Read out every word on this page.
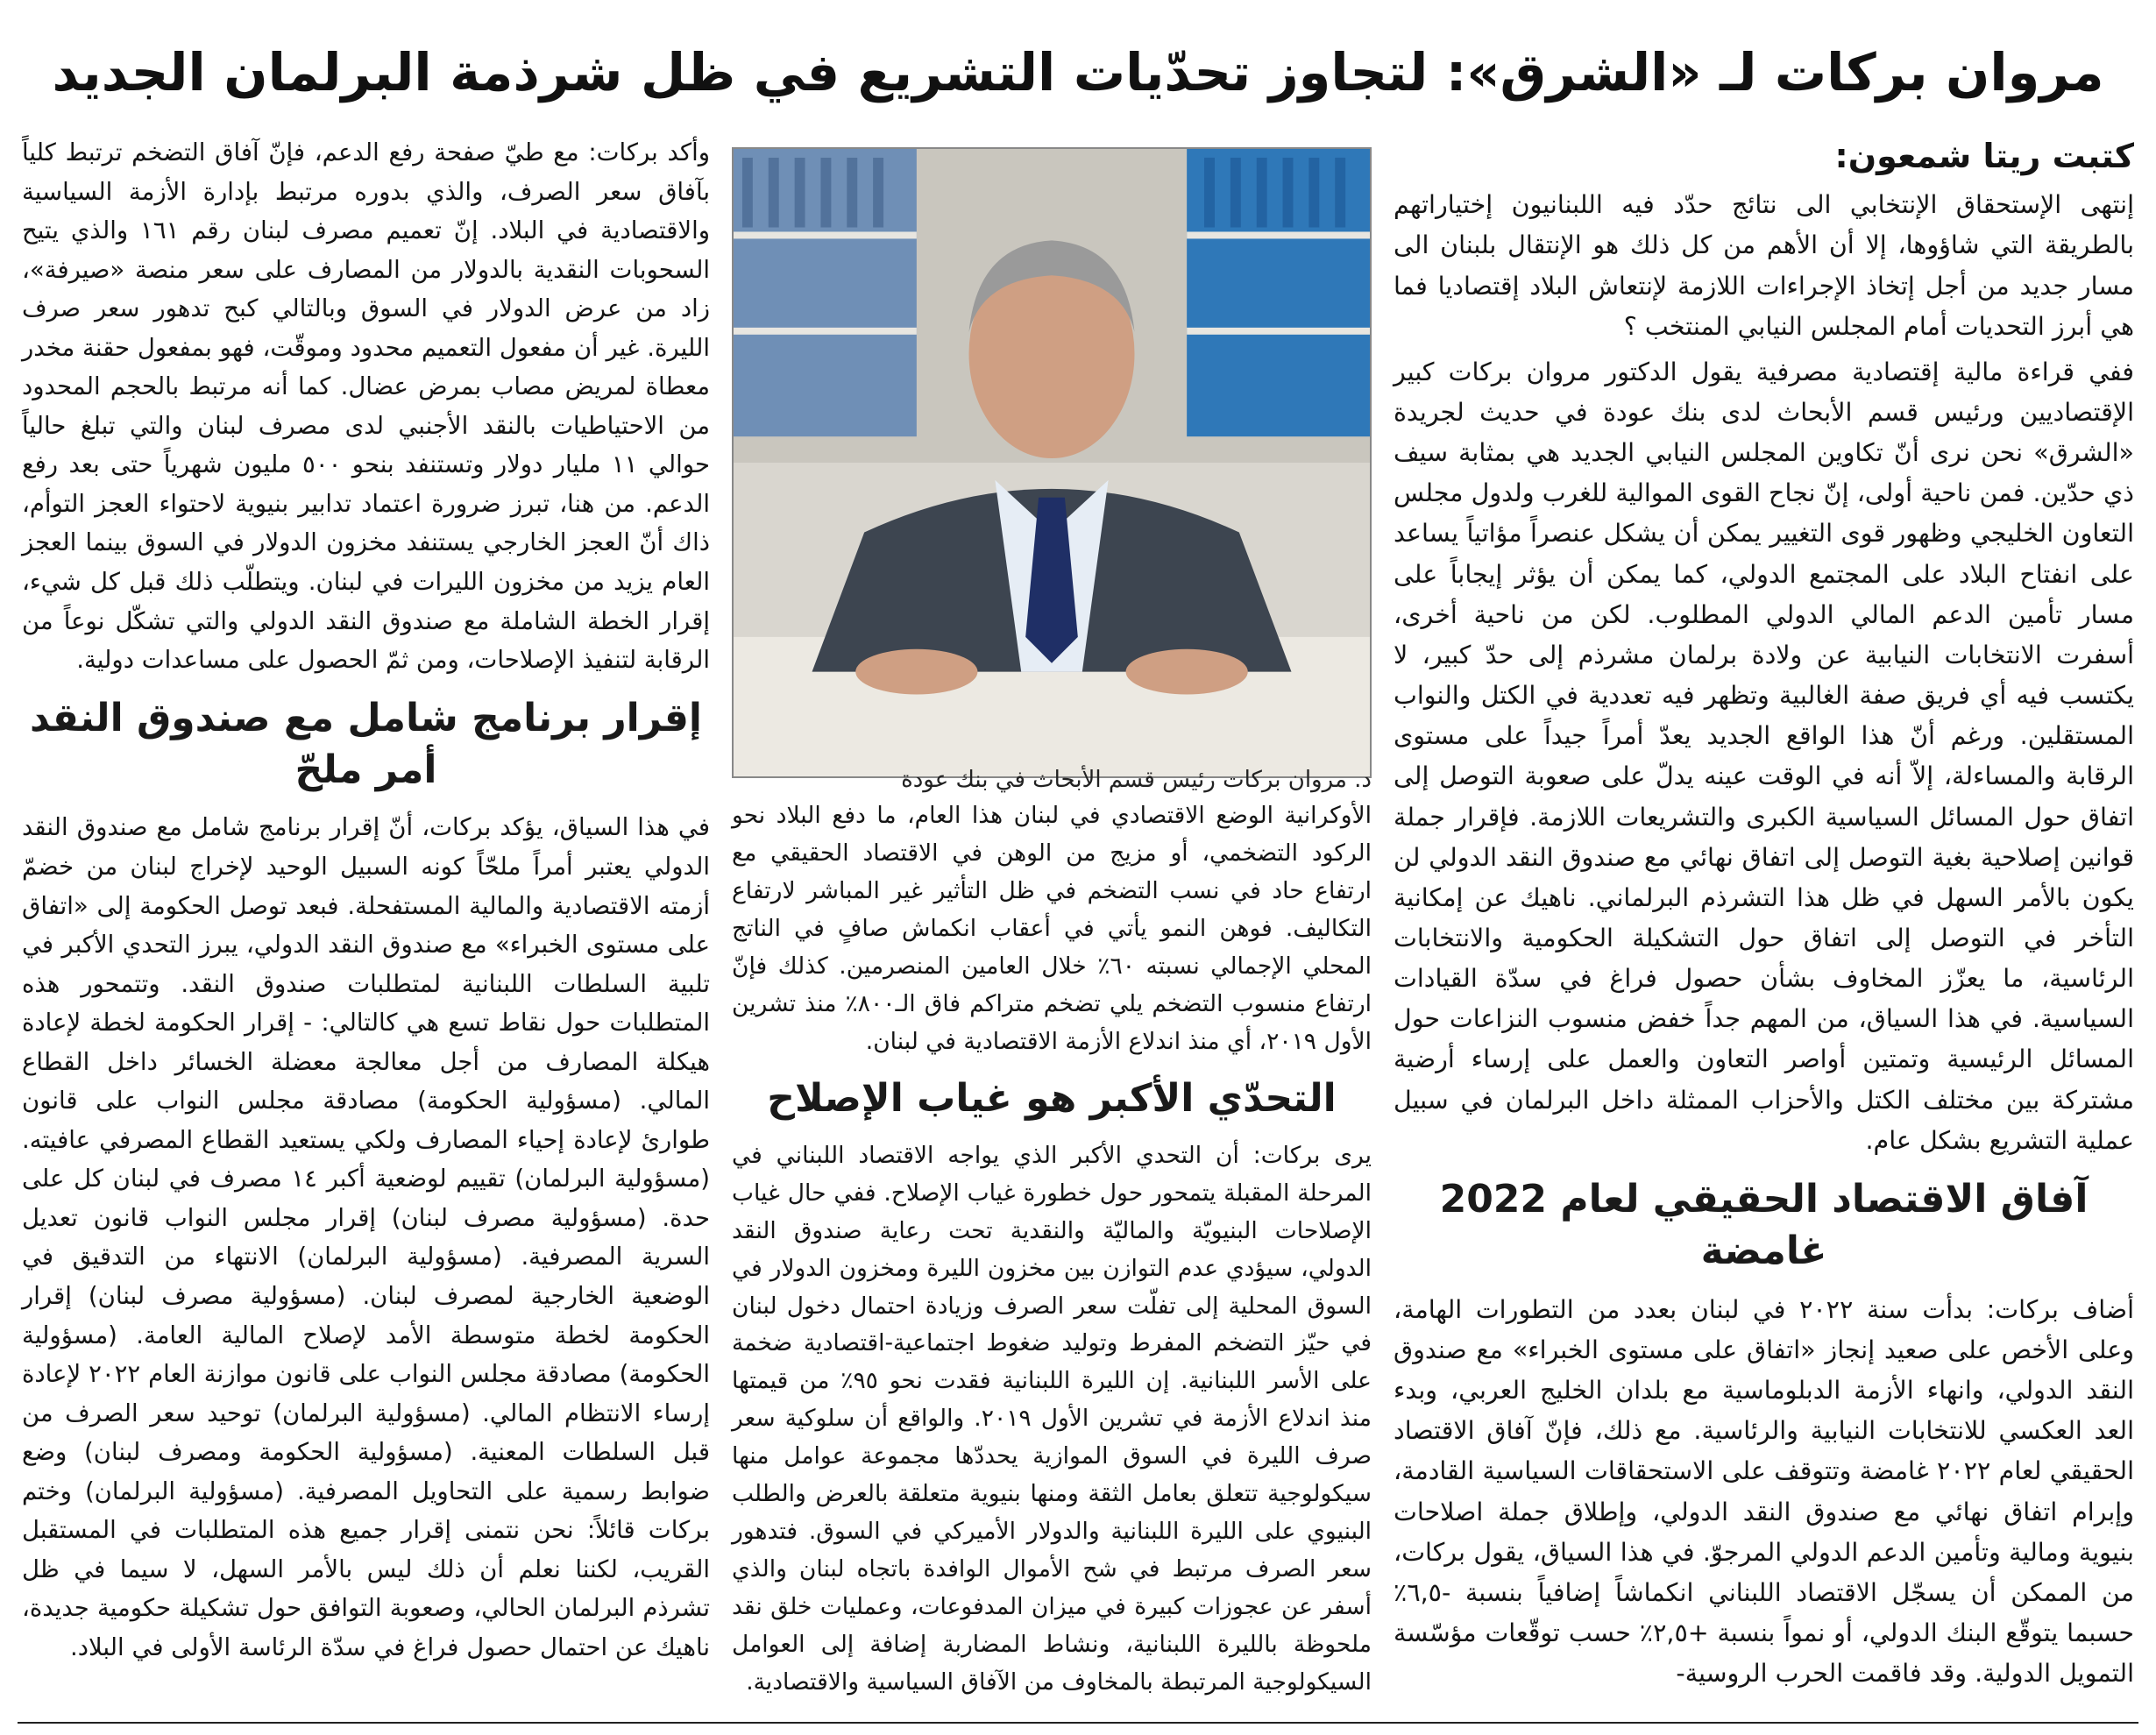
مروان بركات لـ «الشرق»: لتجاوز تحدّيات التشريع في ظل شرذمة البرلمان الجديد
كتبت ريتا شمعون:

إنتهى الإستحقاق الإنتخابي الى نتائج حدّد فيه اللبنانيون إختياراتهم بالطريقة التي شاؤوها، إلا أن الأهم من كل ذلك هو الإنتقال بلبنان الى مسار جديد من أجل إتخاذ الإجراءات اللازمة لإنتعاش البلاد إقتصاديا فما هي أبرز التحديات أمام المجلس النيابي المنتخب ؟

ففي قراءة مالية إقتصادية مصرفية يقول الدكتور مروان بركات كبير الإقتصاديين ورئيس قسم الأبحاث لدى بنك عودة في حديث لجريدة «الشرق» نحن نرى أنّ تكاوين المجلس النيابي الجديد هي بمثابة سيف ذي حدّين. فمن ناحية أولى، إنّ نجاح القوى الموالية للغرب ولدول مجلس التعاون الخليجي وظهور قوى التغيير يمكن أن يشكل عنصراً مؤاتياً يساعد على انفتاح البلاد على المجتمع الدولي، كما يمكن أن يؤثر إيجاباً على مسار تأمين الدعم المالي الدولي المطلوب. لكن من ناحية أخرى، أسفرت الانتخابات النيابية عن ولادة برلمان مشرذم إلى حدّ كبير، لا يكتسب فيه أي فريق صفة الغالبية وتظهر فيه تعددية في الكتل والنواب المستقلين. ورغم أنّ هذا الواقع الجديد يعدّ أمراً جيداً على مستوى الرقابة والمساءلة، إلاّ أنه في الوقت عينه يدلّ على صعوبة التوصل إلى اتفاق حول المسائل السياسية الكبرى والتشريعات اللازمة. فإقرار جملة قوانين إصلاحية بغية التوصل إلى اتفاق نهائي مع صندوق النقد الدولي لن يكون بالأمر السهل في ظل هذا التشرذم البرلماني. ناهيك عن إمكانية التأخر في التوصل إلى اتفاق حول التشكيلة الحكومية والانتخابات الرئاسية، ما يعزّز المخاوف بشأن حصول فراغ في سدّة القيادات السياسية. في هذا السياق، من المهم جداً خفض منسوب النزاعات حول المسائل الرئيسية وتمتين أواصر التعاون والعمل على إرساء أرضية مشتركة بين مختلف الكتل والأحزاب الممثلة داخل البرلمان في سبيل عملية التشريع بشكل عام.

آفاق الاقتصاد الحقيقي لعام 2022 غامضة

أضاف بركات: بدأت سنة ٢٠٢٢ في لبنان بعدد من التطورات الهامة، وعلى الأخص على صعيد إنجاز «اتفاق على مستوى الخبراء» مع صندوق النقد الدولي، وانهاء الأزمة الدبلوماسية مع بلدان الخليج العربي، وبدء العد العكسي للانتخابات النيابية والرئاسية. مع ذلك، فإنّ آفاق الاقتصاد الحقيقي لعام ٢٠٢٢ غامضة وتتوقف على الاستحقاقات السياسية القادمة، وإبرام اتفاق نهائي مع صندوق النقد الدولي، وإطلاق جملة اصلاحات بنيوية ومالية وتأمين الدعم الدولي المرجوّ. في هذا السياق، يقول بركات، من الممكن أن يسجّل الاقتصاد اللبناني انكماشاً إضافياً بنسبة ‎-٦,٥٪ حسبما يتوقّع البنك الدولي، أو نمواً بنسبة ‎+٢,٥٪ حسب توقّعات مؤسّسة التمويل الدولية. وقد فاقمت الحرب الروسية-

د. مروان بركات رئيس قسم الأبحاث في بنك عودة

الأوكرانية الوضع الاقتصادي في لبنان هذا العام، ما دفع البلاد نحو الركود التضخمي، أو مزيج من الوهن في الاقتصاد الحقيقي مع ارتفاع حاد في نسب التضخم في ظل التأثير غير المباشر لارتفاع التكاليف. فوهن النمو يأتي في أعقاب انكماش صافٍ في الناتج المحلي الإجمالي نسبته ٦٠٪ خلال العامين المنصرمين. كذلك فإنّ ارتفاع منسوب التضخم يلي تضخم متراكم فاق الـ٨٠٠٪ منذ تشرين الأول ٢٠١٩، أي منذ اندلاع الأزمة الاقتصادية في لبنان.

التحدّي الأكبر هو غياب الإصلاح

يرى بركات: أن التحدي الأكبر الذي يواجه الاقتصاد اللبناني في المرحلة المقبلة يتمحور حول خطورة غياب الإصلاح. ففي حال غياب الإصلاحات البنيويّة والماليّة والنقدية تحت رعاية صندوق النقد الدولي، سيؤدي عدم التوازن بين مخزون الليرة ومخزون الدولار في السوق المحلية إلى تفلّت سعر الصرف وزيادة احتمال دخول لبنان في حيّز التضخم المفرط وتوليد ضغوط اجتماعية-اقتصادية ضخمة على الأسر اللبنانية. إن الليرة اللبنانية فقدت نحو ٩٥٪ من قيمتها منذ اندلاع الأزمة في تشرين الأول ٢٠١٩. والواقع أن سلوكية سعر صرف الليرة في السوق الموازية يحددّها مجموعة عوامل منها سيكولوجية تتعلق بعامل الثقة ومنها بنيوية متعلقة بالعرض والطلب البنيوي على الليرة اللبنانية والدولار الأميركي في السوق. فتدهور سعر الصرف مرتبط في شح الأموال الوافدة باتجاه لبنان والذي أسفر عن عجوزات كبيرة في ميزان المدفوعات، وعمليات خلق نقد ملحوظة بالليرة اللبنانية، ونشاط المضاربة إضافة إلى العوامل السيكولوجية المرتبطة بالمخاوف من الآفاق السياسية والاقتصادية.

وأكد بركات: مع طيّ صفحة رفع الدعم، فإنّ آفاق التضخم ترتبط كلياً بآفاق سعر الصرف، والذي بدوره مرتبط بإدارة الأزمة السياسية والاقتصادية في البلاد. إنّ تعميم مصرف لبنان رقم ١٦١ والذي يتيح السحوبات النقدية بالدولار من المصارف على سعر منصة «صيرفة»، زاد من عرض الدولار في السوق وبالتالي كبح تدهور سعر صرف الليرة. غير أن مفعول التعميم محدود وموقّت، فهو بمفعول حقنة مخدر معطاة لمريض مصاب بمرض عضال. كما أنه مرتبط بالحجم المحدود من الاحتياطيات بالنقد الأجنبي لدى مصرف لبنان والتي تبلغ حالياً حوالي ١١ مليار دولار وتستنفد بنحو ٥٠٠ مليون شهرياً حتى بعد رفع الدعم. من هنا، تبرز ضرورة اعتماد تدابير بنيوية لاحتواء العجز التوأم، ذاك أنّ العجز الخارجي يستنفد مخزون الدولار في السوق بينما العجز العام يزيد من مخزون الليرات في لبنان. ويتطلّب ذلك قبل كل شيء، إقرار الخطة الشاملة مع صندوق النقد الدولي والتي تشكّل نوعاً من الرقابة لتنفيذ الإصلاحات، ومن ثمّ الحصول على مساعدات دولية.

إقرار برنامج شامل مع صندوق النقد أمر ملحّ

في هذا السياق، يؤكد بركات، أنّ إقرار برنامج شامل مع صندوق النقد الدولي يعتبر أمراً ملحّاً كونه السبيل الوحيد لإخراج لبنان من خضمّ أزمته الاقتصادية والمالية المستفحلة. فبعد توصل الحكومة إلى «اتفاق على مستوى الخبراء» مع صندوق النقد الدولي، يبرز التحدي الأكبر في تلبية السلطات اللبنانية لمتطلبات صندوق النقد. وتتمحور هذه المتطلبات حول نقاط تسع هي كالتالي: - إقرار الحكومة لخطة لإعادة هيكلة المصارف من أجل معالجة معضلة الخسائر داخل القطاع المالي. (مسؤولية الحكومة) مصادقة مجلس النواب على قانون طوارئ لإعادة إحياء المصارف ولكي يستعيد القطاع المصرفي عافيته. (مسؤولية البرلمان) تقييم لوضعية أكبر ١٤ مصرف في لبنان كل على حدة. (مسؤولية مصرف لبنان) إقرار مجلس النواب قانون تعديل السرية المصرفية. (مسؤولية البرلمان) الانتهاء من التدقيق في الوضعية الخارجية لمصرف لبنان. (مسؤولية مصرف لبنان) إقرار الحكومة لخطة متوسطة الأمد لإصلاح المالية العامة. (مسؤولية الحكومة) مصادقة مجلس النواب على قانون موازنة العام ٢٠٢٢ لإعادة إرساء الانتظام المالي. (مسؤولية البرلمان) توحيد سعر الصرف من قبل السلطات المعنية. (مسؤولية الحكومة ومصرف لبنان) وضع ضوابط رسمية على التحاويل المصرفية. (مسؤولية البرلمان) وختم بركات قائلاً: نحن نتمنى إقرار جميع هذه المتطلبات في المستقبل القريب، لكننا نعلم أن ذلك ليس بالأمر السهل، لا سيما في ظل تشرذم البرلمان الحالي، وصعوبة التوافق حول تشكيلة حكومية جديدة، ناهيك عن احتمال حصول فراغ في سدّة الرئاسة الأولى في البلاد.
